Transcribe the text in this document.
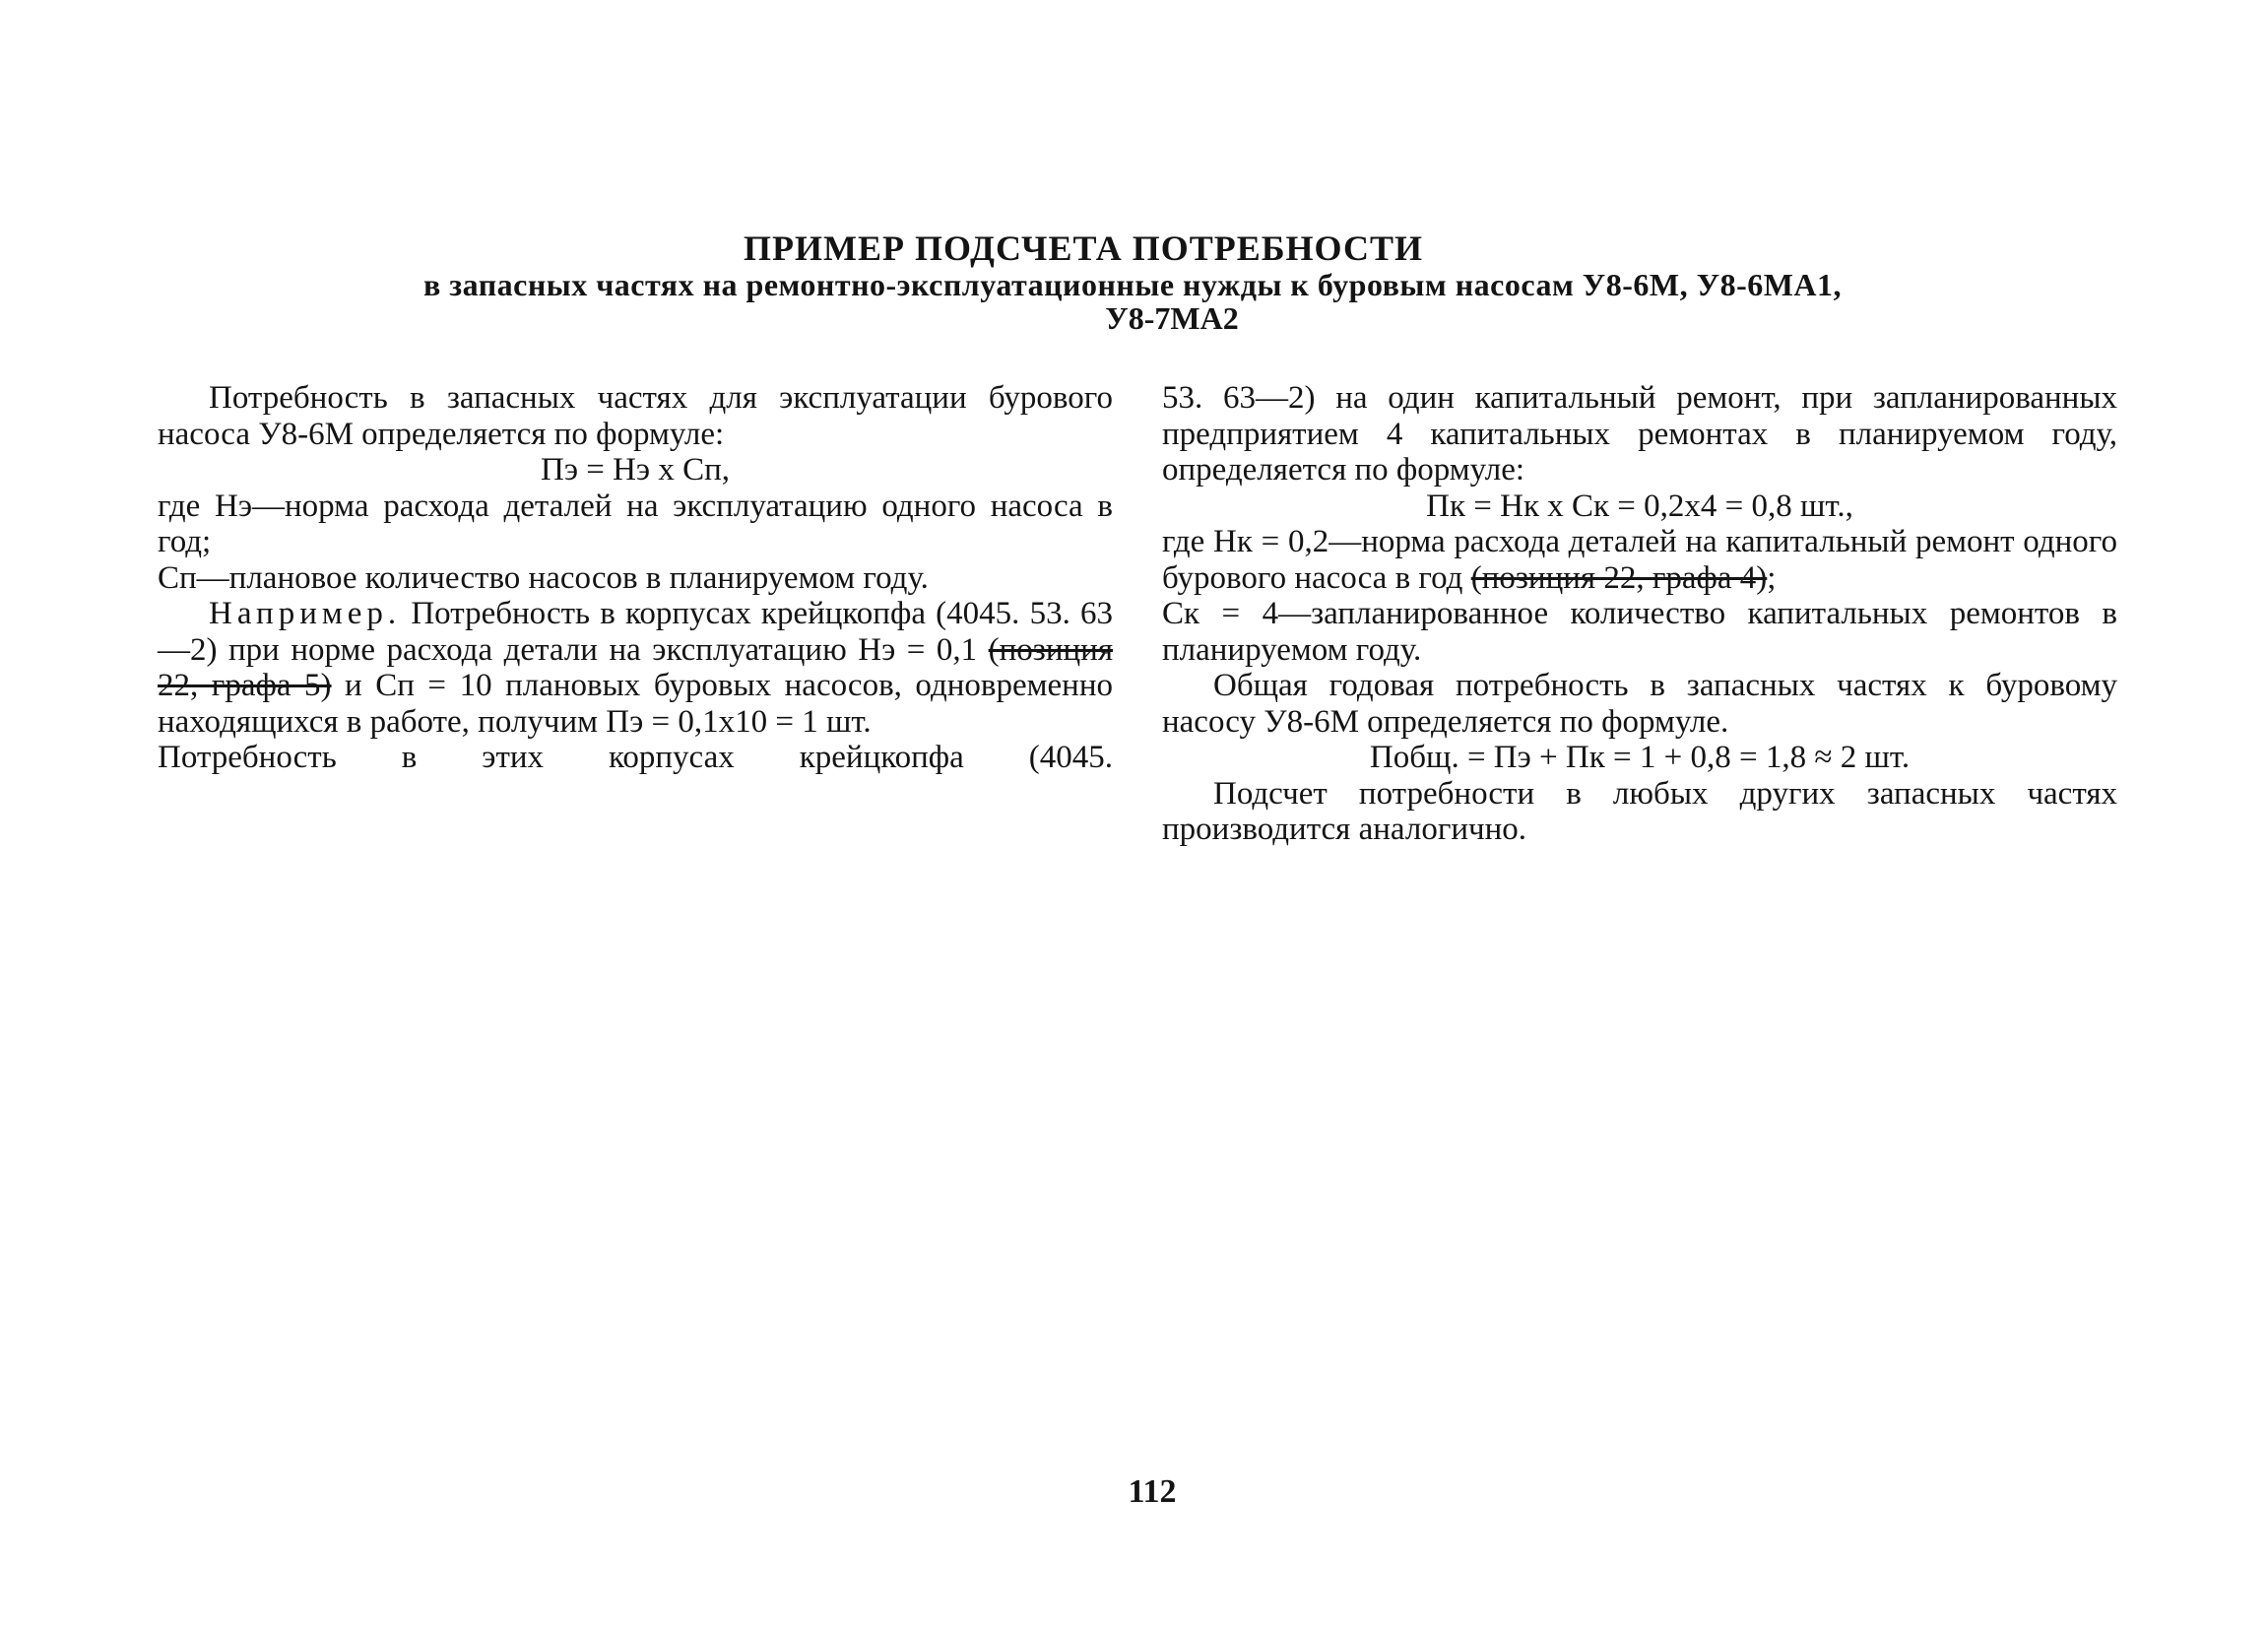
ПРИМЕР ПОДСЧЕТА ПОТРЕБНОСТИ
в запасных частях на ремонтно-эксплуатационные нужды к буровым насосам У8-6М, У8-6МА1,
У8-7МА2

Потребность в запасных частях для эксплуатации бурового насоса У8-6М определяется по формуле:

Пэ = Нэ х Сп,

где Нэ—норма расхода деталей на эксплуатацию одного насоса в год;

Сп—плановое количество насосов в планируемом году.

Например. Потребность в корпусах крейцкопфа (4045. 53. 63—2) при норме расхода детали на эксплуатацию Нэ = 0,1 (позиция 22, графа 5) и Сп = 10 плановых буровых насосов, одновременно находящихся в работе, получим Пэ = 0,1х10 = 1 шт.

Потребность в этих корпусах крейцкопфа (4045.

53. 63—2) на один капитальный ремонт, при запланированных предприятием 4 капитальных ремонтах в планируемом году, определяется по формуле:

Пк = Нк х Ск = 0,2х4 = 0,8 шт.,

где Нк = 0,2—норма расхода деталей на капитальный ремонт одного бурового насоса в год (позиция 22, графа 4);

Ск = 4—запланированное количество капитальных ремонтов в планируемом году.

Общая годовая потребность в запасных частях к буровому насосу У8-6М определяется по формуле.

Побщ. = Пэ + Пк = 1 + 0,8 = 1,8 ≈ 2 шт.

Подсчет потребности в любых других запасных частях производится аналогично.

112
